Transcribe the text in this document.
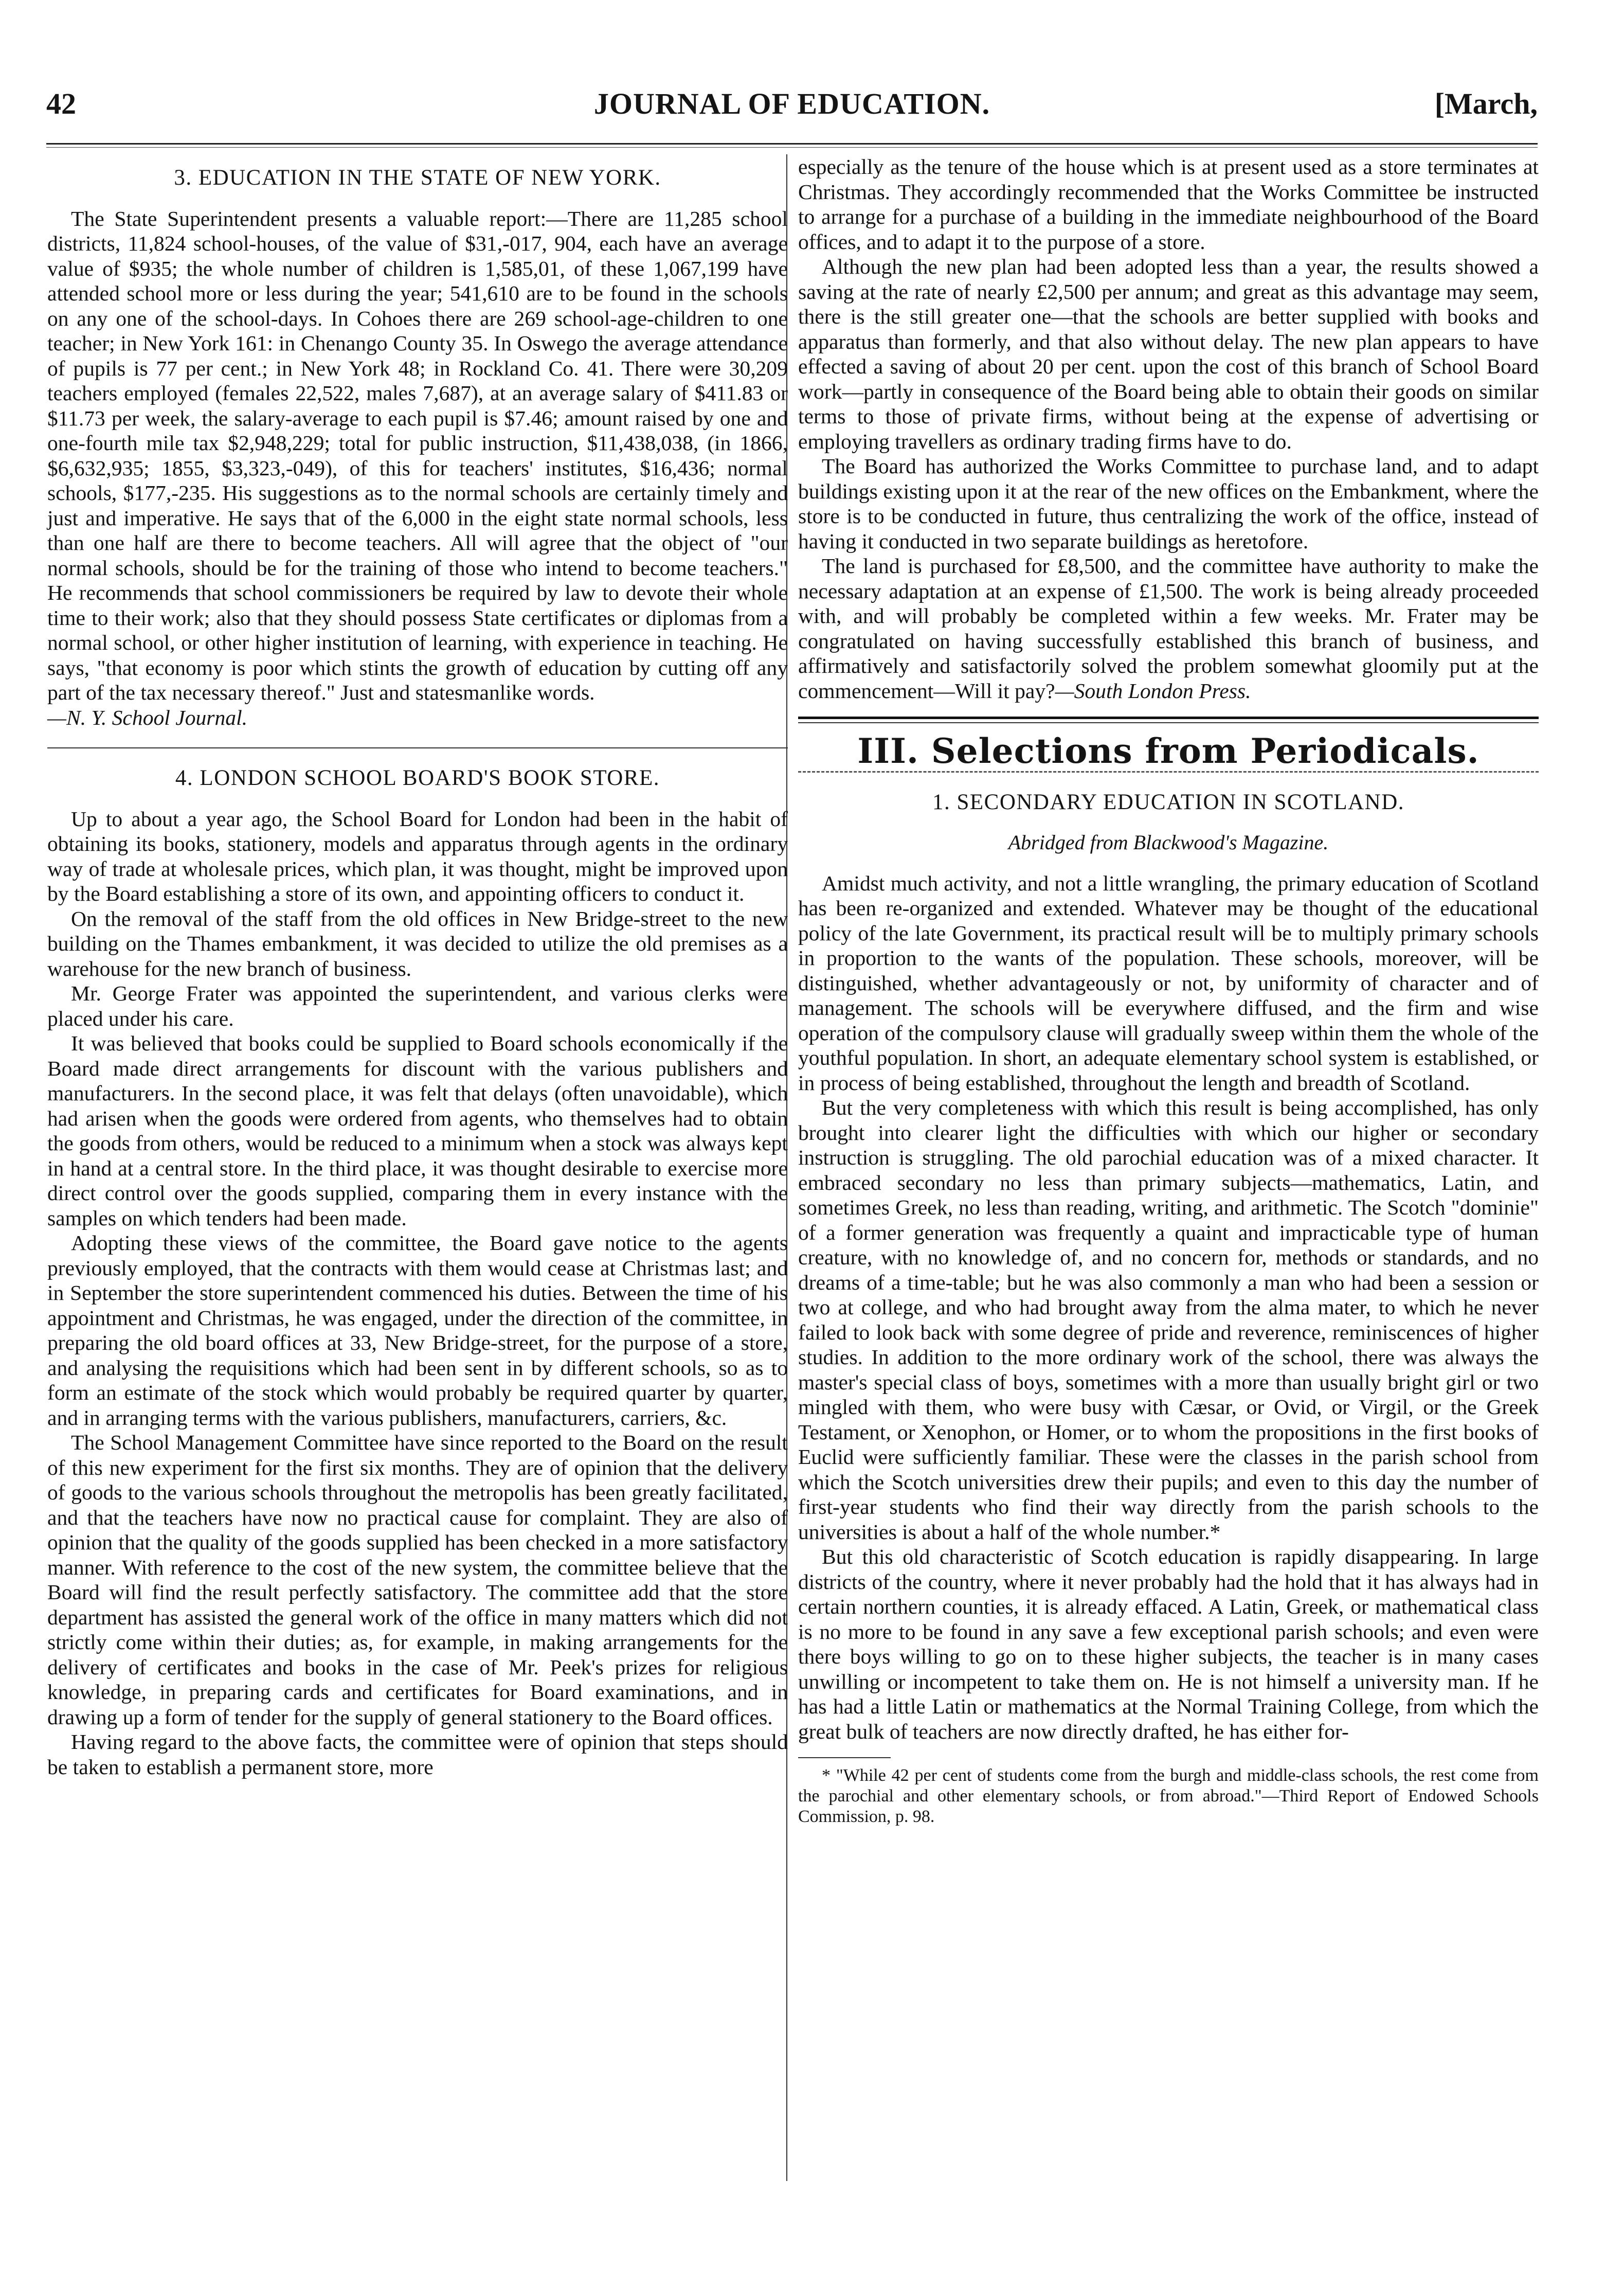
42	JOURNAL OF EDUCATION.	[March,
3. EDUCATION IN THE STATE OF NEW YORK.

The State Superintendent presents a valuable report:—There are 11,285 school districts, 11,824 school-houses, of the value of $31,-017, 904, each have an average value of $935; the whole number of children is 1,585,01, of these 1,067,199 have attended school more or less during the year; 541,610 are to be found in the schools on any one of the school-days. In Cohoes there are 269 school-age-children to one teacher; in New York 161: in Chenango County 35. In Oswego the average attendance of pupils is 77 per cent.; in New York 48; in Rockland Co. 41. There were 30,209 teachers employed (females 22,522, males 7,687), at an average salary of $411.83 or $11.73 per week, the salary-average to each pupil is $7.46; amount raised by one and one-fourth mile tax $2,948,229; total for public instruction, $11,438,038, (in 1866, $6,632,935; 1855, $3,323,-049), of this for teachers' institutes, $16,436; normal schools, $177,-235. His suggestions as to the normal schools are certainly timely and just and imperative. He says that of the 6,000 in the eight state normal schools, less than one half are there to become teachers. All will agree that the object of "our normal schools, should be for the training of those who intend to become teachers." He recommends that school commissioners be required by law to devote their whole time to their work; also that they should possess State certificates or diplomas from a normal school, or other higher institution of learning, with experience in teaching. He says, "that economy is poor which stints the growth of education by cutting off any part of the tax necessary thereof." Just and statesmanlike words.

—N. Y. School Journal.

4. LONDON SCHOOL BOARD'S BOOK STORE.

Up to about a year ago, the School Board for London had been in the habit of obtaining its books, stationery, models and apparatus through agents in the ordinary way of trade at wholesale prices, which plan, it was thought, might be improved upon by the Board establishing a store of its own, and appointing officers to conduct it.

On the removal of the staff from the old offices in New Bridge-street to the new building on the Thames embankment, it was decided to utilize the old premises as a warehouse for the new branch of business.

Mr. George Frater was appointed the superintendent, and various clerks were placed under his care.

It was believed that books could be supplied to Board schools economically if the Board made direct arrangements for discount with the various publishers and manufacturers. In the second place, it was felt that delays (often unavoidable), which had arisen when the goods were ordered from agents, who themselves had to obtain the goods from others, would be reduced to a minimum when a stock was always kept in hand at a central store. In the third place, it was thought desirable to exercise more direct control over the goods supplied, comparing them in every instance with the samples on which tenders had been made.

Adopting these views of the committee, the Board gave notice to the agents previously employed, that the contracts with them would cease at Christmas last; and in September the store superintendent commenced his duties. Between the time of his appointment and Christmas, he was engaged, under the direction of the committee, in preparing the old board offices at 33, New Bridge-street, for the purpose of a store, and analysing the requisitions which had been sent in by different schools, so as to form an estimate of the stock which would probably be required quarter by quarter, and in arranging terms with the various publishers, manufacturers, carriers, &c.

The School Management Committee have since reported to the Board on the result of this new experiment for the first six months. They are of opinion that the delivery of goods to the various schools throughout the metropolis has been greatly facilitated, and that the teachers have now no practical cause for complaint. They are also of opinion that the quality of the goods supplied has been checked in a more satisfactory manner. With reference to the cost of the new system, the committee believe that the Board will find the result perfectly satisfactory. The committee add that the store department has assisted the general work of the office in many matters which did not strictly come within their duties; as, for example, in making arrangements for the delivery of certificates and books in the case of Mr. Peek's prizes for religious knowledge, in preparing cards and certificates for Board examinations, and in drawing up a form of tender for the supply of general stationery to the Board offices.

Having regard to the above facts, the committee were of opinion that steps should be taken to establish a permanent store, more

especially as the tenure of the house which is at present used as a store terminates at Christmas. They accordingly recommended that the Works Committee be instructed to arrange for a purchase of a building in the immediate neighbourhood of the Board offices, and to adapt it to the purpose of a store.

Although the new plan had been adopted less than a year, the results showed a saving at the rate of nearly £2,500 per annum; and great as this advantage may seem, there is the still greater one—that the schools are better supplied with books and apparatus than formerly, and that also without delay. The new plan appears to have effected a saving of about 20 per cent. upon the cost of this branch of School Board work—partly in consequence of the Board being able to obtain their goods on similar terms to those of private firms, without being at the expense of advertising or employing travellers as ordinary trading firms have to do.

The Board has authorized the Works Committee to purchase land, and to adapt buildings existing upon it at the rear of the new offices on the Embankment, where the store is to be conducted in future, thus centralizing the work of the office, instead of having it conducted in two separate buildings as heretofore.

The land is purchased for £8,500, and the committee have authority to make the necessary adaptation at an expense of £1,500. The work is being already proceeded with, and will probably be completed within a few weeks. Mr. Frater may be congratulated on having successfully established this branch of business, and affirmatively and satisfactorily solved the problem somewhat gloomily put at the commencement—Will it pay?—South London Press.

III. Selections from Periodicals.
1. SECONDARY EDUCATION IN SCOTLAND.
Abridged from Blackwood's Magazine.

Amidst much activity, and not a little wrangling, the primary education of Scotland has been re-organized and extended. Whatever may be thought of the educational policy of the late Government, its practical result will be to multiply primary schools in proportion to the wants of the population. These schools, moreover, will be distinguished, whether advantageously or not, by uniformity of character and of management. The schools will be everywhere diffused, and the firm and wise operation of the compulsory clause will gradually sweep within them the whole of the youthful population. In short, an adequate elementary school system is established, or in process of being established, throughout the length and breadth of Scotland.

But the very completeness with which this result is being accomplished, has only brought into clearer light the difficulties with which our higher or secondary instruction is struggling. The old parochial education was of a mixed character. It embraced secondary no less than primary subjects—mathematics, Latin, and sometimes Greek, no less than reading, writing, and arithmetic. The Scotch "dominie" of a former generation was frequently a quaint and impracticable type of human creature, with no knowledge of, and no concern for, methods or standards, and no dreams of a time-table; but he was also commonly a man who had been a session or two at college, and who had brought away from the alma mater, to which he never failed to look back with some degree of pride and reverence, reminiscences of higher studies. In addition to the more ordinary work of the school, there was always the master's special class of boys, sometimes with a more than usually bright girl or two mingled with them, who were busy with Cæsar, or Ovid, or Virgil, or the Greek Testament, or Xenophon, or Homer, or to whom the propositions in the first books of Euclid were sufficiently familiar. These were the classes in the parish school from which the Scotch universities drew their pupils; and even to this day the number of first-year students who find their way directly from the parish schools to the universities is about a half of the whole number.*

But this old characteristic of Scotch education is rapidly disappearing. In large districts of the country, where it never probably had the hold that it has always had in certain northern counties, it is already effaced. A Latin, Greek, or mathematical class is no more to be found in any save a few exceptional parish schools; and even were there boys willing to go on to these higher subjects, the teacher is in many cases unwilling or incompetent to take them on. He is not himself a university man. If he has had a little Latin or mathematics at the Normal Training College, from which the great bulk of teachers are now directly drafted, he has either for-

* "While 42 per cent of students come from the burgh and middle-class schools, the rest come from the parochial and other elementary schools, or from abroad."—Third Report of Endowed Schools Commission, p. 98.
